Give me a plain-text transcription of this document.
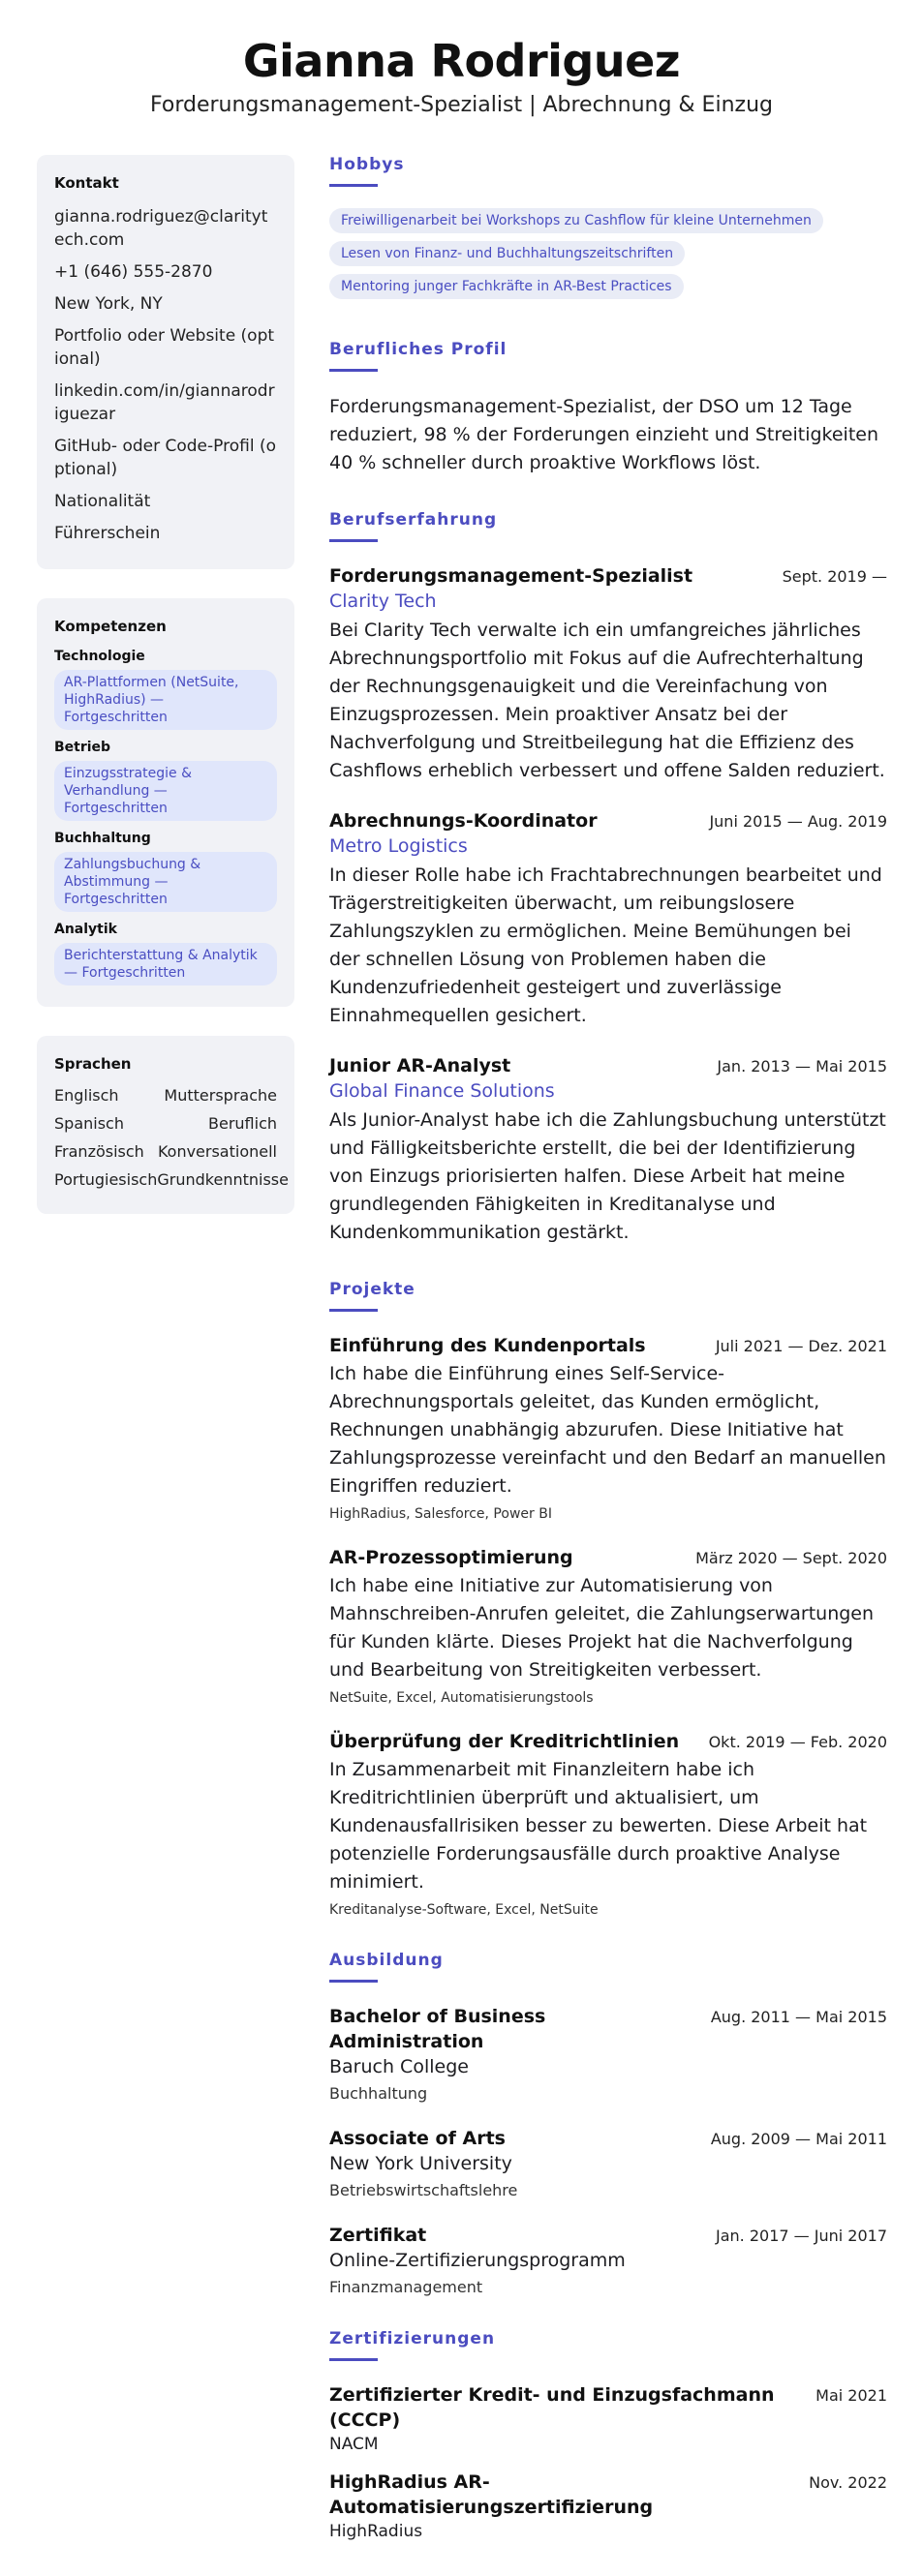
Gianna Rodriguez
Forderungsmanagement-Spezialist | Abrechnung & Einzug
Kontakt
gianna.rodriguez@claritytech.com
+1 (646) 555-2870
New York, NY
Portfolio oder Website (optional)
linkedin.com/in/giannarodriguezar
GitHub- oder Code-Profil (optional)
Nationalität
Führerschein
Kompetenzen
Technologie
AR-Plattformen (NetSuite, HighRadius) — Fortgeschritten
Betrieb
Einzugsstrategie & Verhandlung — Fortgeschritten
Buchhaltung
Zahlungsbuchung & Abstimmung — Fortgeschritten
Analytik
Berichterstattung & Analytik — Fortgeschritten
Sprachen
Englisch	Muttersprache
Spanisch	Beruflich
Französisch Konversationell
Portugiesisch Grundkenntnisse
Hobbys
Freiwilligenarbeit bei Workshops zu Cashflow für kleine Unternehmen
Lesen von Finanz- und Buchhaltungszeitschriften
Mentoring junger Fachkräfte in AR-Best Practices
Berufliches Profil
Forderungsmanagement-Spezialist, der DSO um 12 Tage reduziert, 98 % der Forderungen einzieht und Streitigkeiten 40 % schneller durch proaktive Workflows löst.
Berufserfahrung
Forderungsmanagement-Spezialist	Sept. 2019 —
Clarity Tech
Bei Clarity Tech verwalte ich ein umfangreiches jährliches Abrechnungsportfolio mit Fokus auf die Aufrechterhaltung der Rechnungsgenauigkeit und die Vereinfachung von Einzugsprozessen. Mein proaktiver Ansatz bei der Nachverfolgung und Streitbeilegung hat die Effizienz des Cashflows erheblich verbessert und offene Salden reduziert.
Abrechnungs-Koordinator	Juni 2015 — Aug. 2019
Metro Logistics
In dieser Rolle habe ich Frachtabrechnungen bearbeitet und Trägerstreitigkeiten überwacht, um reibungslosere Zahlungszyklen zu ermöglichen. Meine Bemühungen bei der schnellen Lösung von Problemen haben die Kundenzufriedenheit gesteigert und zuverlässige Einnahmequellen gesichert.
Junior AR-Analyst	Jan. 2013 — Mai 2015
Global Finance Solutions
Als Junior-Analyst habe ich die Zahlungsbuchung unterstützt und Fälligkeitsberichte erstellt, die bei der Identifizierung von Einzugs priorisierten halfen. Diese Arbeit hat meine grundlegenden Fähigkeiten in Kreditanalyse und Kundenkommunikation gestärkt.
Projekte
Einführung des Kundenportals	Juli 2021 — Dez. 2021
Ich habe die Einführung eines Self-Service-Abrechnungsportals geleitet, das Kunden ermöglicht, Rechnungen unabhängig abzurufen. Diese Initiative hat Zahlungsprozesse vereinfacht und den Bedarf an manuellen Eingriffen reduziert.
HighRadius, Salesforce, Power BI
AR-Prozessoptimierung	März 2020 — Sept. 2020
Ich habe eine Initiative zur Automatisierung von Mahnschreiben-Anrufen geleitet, die Zahlungserwartungen für Kunden klärte. Dieses Projekt hat die Nachverfolgung und Bearbeitung von Streitigkeiten verbessert.
NetSuite, Excel, Automatisierungstools
Überprüfung der Kreditrichtlinien Okt. 2019 — Feb. 2020
In Zusammenarbeit mit Finanzleitern habe ich Kreditrichtlinien überprüft und aktualisiert, um Kundenausfallrisiken besser zu bewerten. Diese Arbeit hat potenzielle Forderungsausfälle durch proaktive Analyse minimiert.
Kreditanalyse-Software, Excel, NetSuite
Ausbildung
Bachelor of Business Administration
Aug. 2011 — Mai 2015
Baruch College
Buchhaltung
Associate of Arts	Aug. 2009 — Mai 2011
New York University
Betriebswirtschaftslehre
Zertifikat	Jan. 2017 — Juni 2017
Online-Zertifizierungsprogramm
Finanzmanagement
Zertifizierungen
Zertifizierter Kredit- und Einzugsfachmann (CCCP)
Mai 2021
NACM
HighRadius AR-Automatisierungszertifizierung
Nov. 2022
HighRadius
